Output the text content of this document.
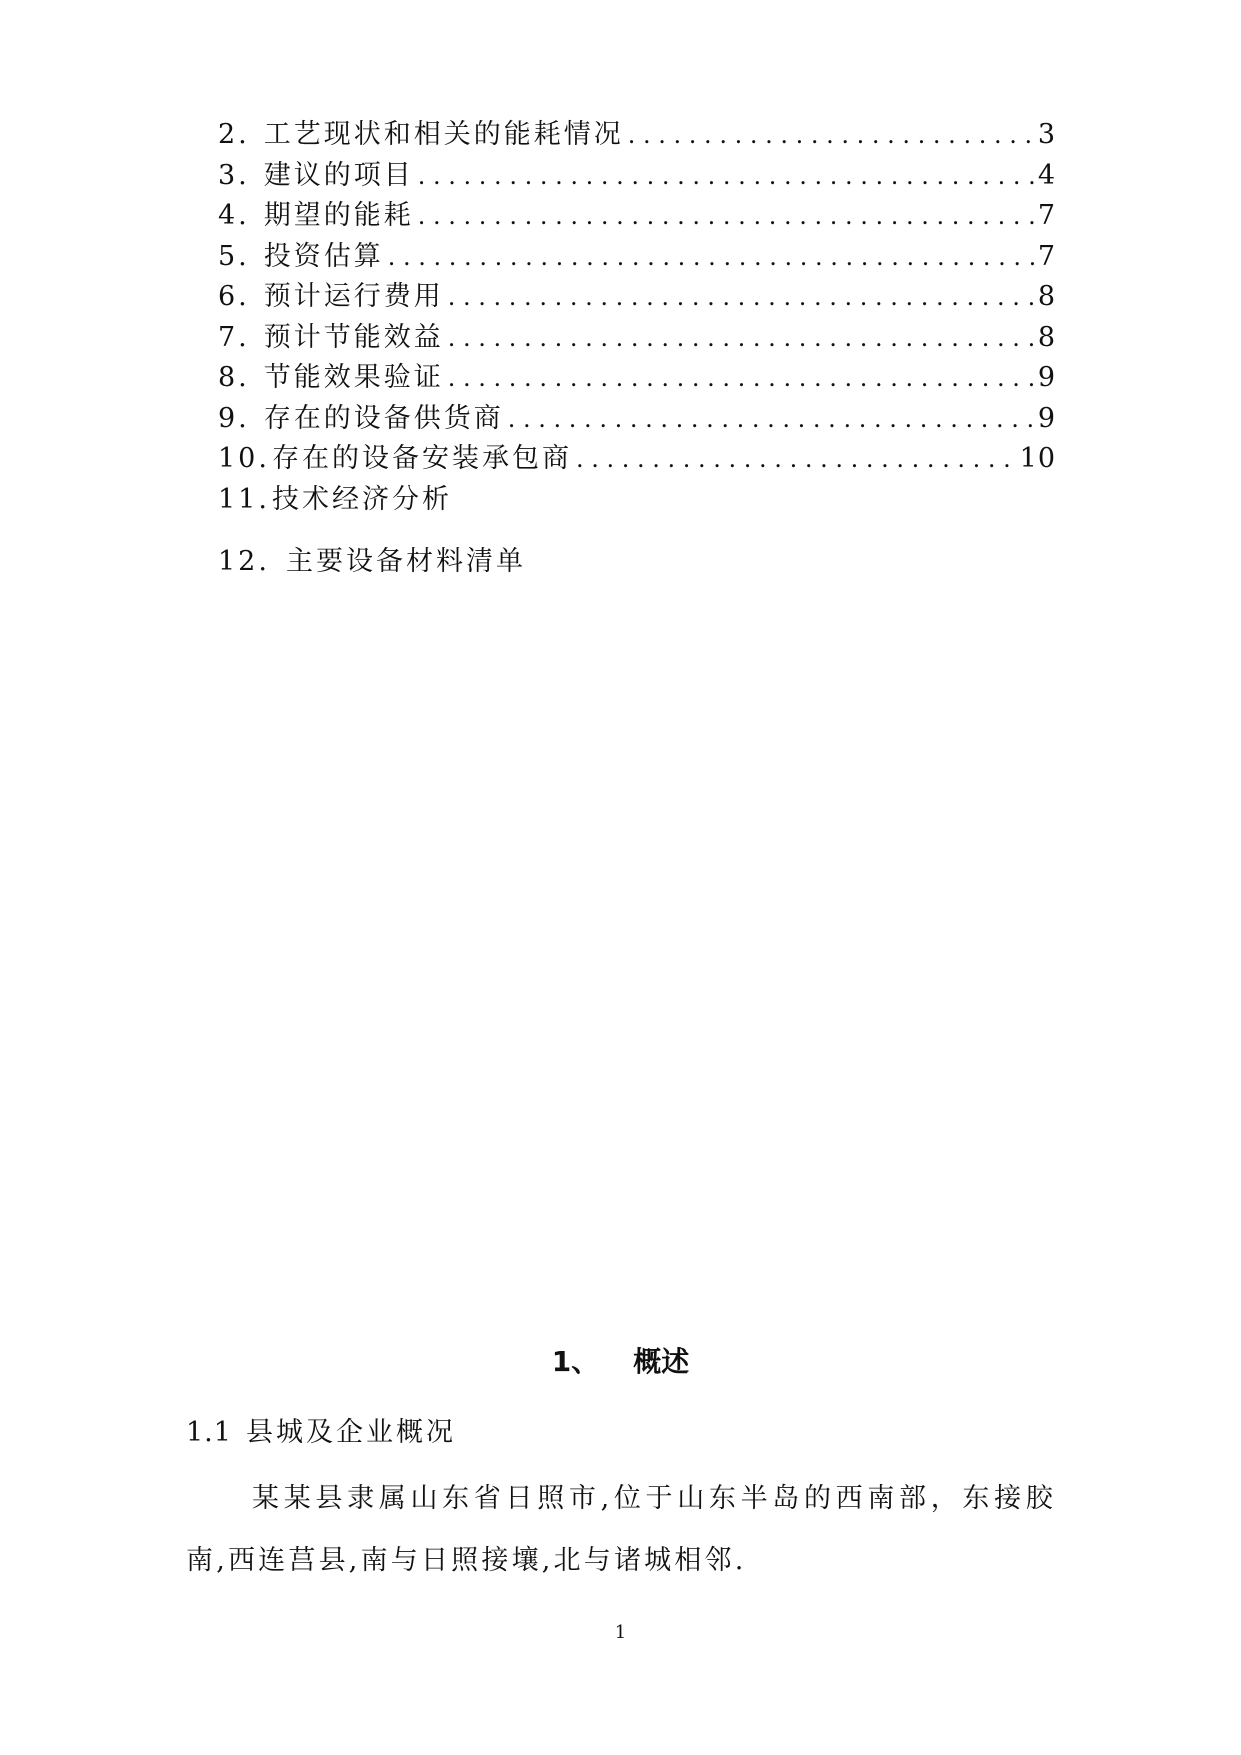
2. 工艺现状和相关的能耗情况 . . .	3
3. 建议的项目 . . .	4
4. 期望的能耗 . . .	7
5. 投资估算 . . .	7
6. 预计运行费用 . . .	8
7. 预计节能效益 . . .	8
8. 节能效果验证 . . .	9
9. 存在的设备供货商 . . .	9
10. 存在的设备安装承包商 . . .	10
11. 技术经济分析
12. 主要设备材料清单
1、 概述
1.1 县城及企业概况

某某县隶属山东省日照市,位于山东半岛的西南部，东接胶南,西连莒县,南与日照接壤,北与诸城相邻.

1
